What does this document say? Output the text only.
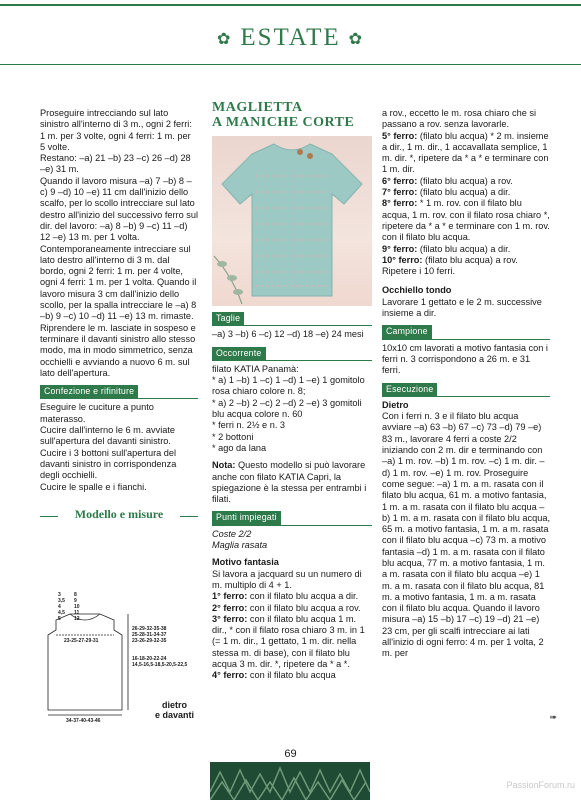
✿ ESTATE ✿

Proseguire intrecciando sul lato sinistro all'interno di 3 m., ogni 2 ferri: 1 m. per 3 volte, ogni 4 ferri: 1 m. per 5 volte.

Restano: –a) 21 –b) 23 –c) 26 –d) 28 –e) 31 m.

Quando il lavoro misura –a) 7 –b) 8 –c) 9 –d) 10 –e) 11 cm dall'inizio dello scalfo, per lo scollo intrecciare sul lato destro all'inizio del successivo ferro sul dir. del lavoro: –a) 8 –b) 9 –c) 11 –d) 12 –e) 13 m. per 1 volta. Contemporaneamente intrecciare sul lato destro all'interno di 3 m. dal bordo, ogni 2 ferri: 1 m. per 4 volte, ogni 4 ferri: 1 m. per 1 volta. Quando il lavoro misura 3 cm dall'inizio dello scollo, per la spalla intrecciare le –a) 8 –b) 9 –c) 10 –d) 11 –e) 13 m. rimaste. Riprendere le m. lasciate in sospeso e terminare il davanti sinistro allo stesso modo, ma in modo simmetrico, senza occhielli e avviando a nuovo 6 m. sul lato dell'apertura.

Confezione e rifiniture

Eseguire le cuciture a punto materasso.

Cucire dall'interno le 6 m. avviate sull'apertura del davanti sinistro. Cucire i 3 bottoni sull'apertura del davanti sinistro in corrispondenza degli occhielli.

Cucire le spalle e i fianchi.

Modello e misure
3
3,5
4
4,5
5
8
9
10
11
12
26-29-32-35-38
25-28-31-34-37
23-26-29-32-35
16-18-20-22-24
14,5-16,5-18,5-20,5-22,5
23-25-27-29-31
34-37-40-43-46
dietro
e davanti
MAGLIETTA
A MANICHE CORTE
Taglie

–a) 3 –b) 6 –c) 12 –d) 18 –e) 24 mesi

Occorrente

filato KATIA Panamà:

* a) 1 –b) 1 –c) 1 –d) 1 –e) 1 gomitolo rosa chiaro colore n. 8;

* a) 2 –b) 2 –c) 2 –d) 2 –e) 3 gomitoli blu acqua colore n. 60

* ferri n. 2½ e n. 3

* 2 bottoni

* ago da lana

Nota: Questo modello si può lavorare anche con filato KATIA Capri, la spiegazione è la stessa per entrambi i filati.

Punti impiegati

Coste 2/2

Maglia rasata

Motivo fantasia

Si lavora a jacquard su un numero di m. multiplo di 4 + 1.

1° ferro: con il filato blu acqua a dir.

2° ferro: con il filato blu acqua a rov.

3° ferro: con il filato blu acqua 1 m. dir., * con il filato rosa chiaro 3 m. in 1 (= 1 m. dir., 1 gettato, 1 m. dir. nella stessa m. di base), con il filato blu acqua 3 m. dir. *, ripetere da * a *.

4° ferro: con il filato blu acqua

a rov., eccetto le m. rosa chiaro che si passano a rov. senza lavorarle.

5° ferro: (filato blu acqua) * 2 m. insieme a dir., 1 m. dir., 1 accavallata semplice, 1 m. dir. *, ripetere da * a * e terminare con 1 m. dir.

6° ferro: (filato blu acqua) a rov.

7° ferro: (filato blu acqua) a dir.

8° ferro: * 1 m. rov. con il filato blu acqua, 1 m. rov. con il filato rosa chiaro *, ripetere da * a * e terminare con 1 m. rov. con il filato blu acqua.

9° ferro: (filato blu acqua) a dir.

10° ferro: (filato blu acqua) a rov.

Ripetere i 10 ferri.

Occhiello tondo

Lavorare 1 gettato e le 2 m. successive insieme a dir.

Campione

10x10 cm lavorati a motivo fantasia con i ferri n. 3 corrispondono a 26 m. e 31 ferri.

Esecuzione

Dietro

Con i ferri n. 3 e il filato blu acqua avviare –a) 63 –b) 67 –c) 73 –d) 79 –e) 83 m., lavorare 4 ferri a coste 2/2 iniziando con 2 m. dir e terminando con –a) 1 m. rov. –b) 1 m. rov. –c) 1 m. dir. –d) 1 m. rov. –e) 1 m. rov. Proseguire come segue: –a) 1 m. a m. rasata con il filato blu acqua, 61 m. a motivo fantasia, 1 m. a m. rasata con il filato blu acqua –b) 1 m. a m. rasata con il filato blu acqua, 65 m. a motivo fantasia, 1 m. a m. rasata con il filato blu acqua –c) 73 m. a motivo fantasia –d) 1 m. a m. rasata con il filato blu acqua, 77 m. a motivo fantasia, 1 m. a m. rasata con il filato blu acqua –e) 1 m. a m. rasata con il filato blu acqua, 81 m. a motivo fantasia, 1 m. a m. rasata con il filato blu acqua. Quando il lavoro misura –a) 15 –b) 17 –c) 19 –d) 21 –e) 23 cm, per gli scalfi intrecciare ai lati all'inizio di ogni ferro: 4 m. per 1 volta, 2 m. per

➠
69
PassionForum.ru
